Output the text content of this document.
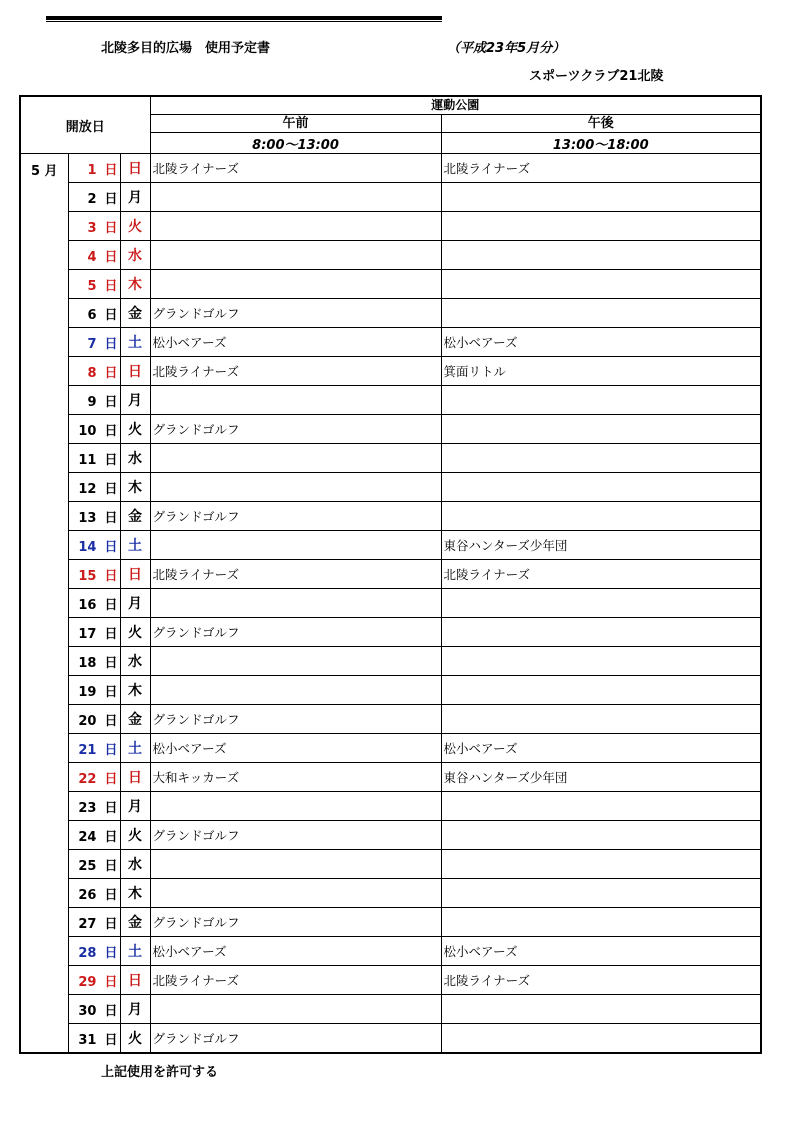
北陵多目的広場　使用予定書	（平成23年5月分）
スポーツクラブ21北陵
開放日			運動公園	
			午前	午後
			8:00～13:00	13:00～18:00
5 月	1 日	日	北陵ライナーズ	北陵ライナーズ
	2 日	月		
	3 日	火		
	4 日	水		
	5 日	木		
	6 日	金	グランドゴルフ	
	7 日	土	松小ベアーズ	松小ベアーズ
	8 日	日	北陵ライナーズ	箕面リトル
	9 日	月		
	10 日	火	グランドゴルフ	
	11 日	水		
	12 日	木		
	13 日	金	グランドゴルフ	
	14 日	土		東谷ハンターズ少年団
	15 日	日	北陵ライナーズ	北陵ライナーズ
	16 日	月		
	17 日	火	グランドゴルフ	
	18 日	水		
	19 日	木		
	20 日	金	グランドゴルフ	
	21 日	土	松小ベアーズ	松小ベアーズ
	22 日	日	大和キッカーズ	東谷ハンターズ少年団
	23 日	月		
	24 日	火	グランドゴルフ	
	25 日	水		
	26 日	木		
	27 日	金	グランドゴルフ	
	28 日	土	松小ベアーズ	松小ベアーズ
	29 日	日	北陵ライナーズ	北陵ライナーズ
	30 日	月		
	31 日	火	グランドゴルフ	
上記使用を許可する
